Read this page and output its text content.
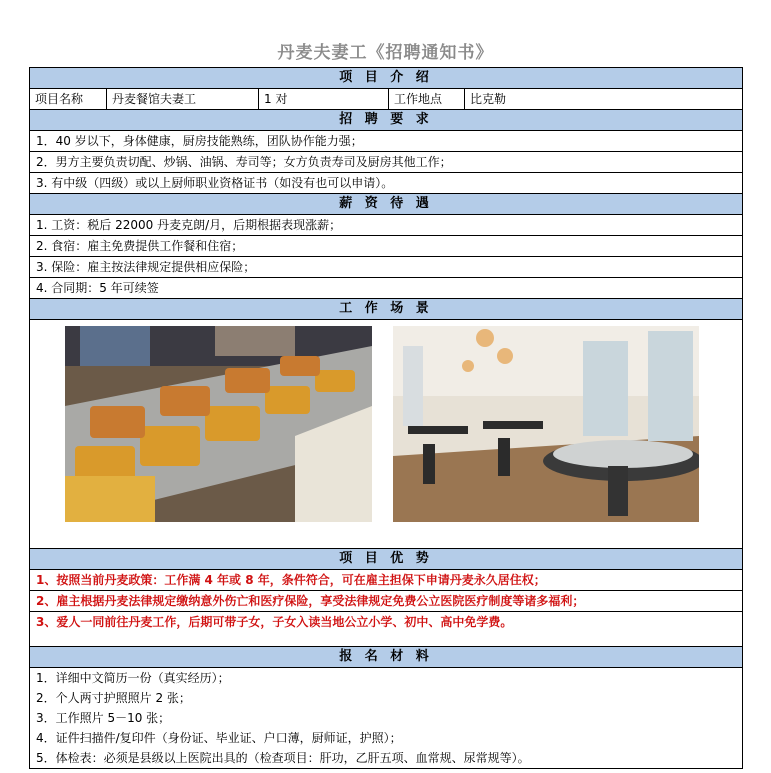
丹麦夫妻工《招聘通知书》
项 目 介 绍
项目名称	丹麦餐馆夫妻工	1 对	工作地点	比克勒
招 聘 要 求
1．40 岁以下，身体健康，厨房技能熟练，团队协作能力强；
2．男方主要负责切配、炒锅、油锅、寿司等；女方负责寿司及厨房其他工作；
3. 有中级（四级）或以上厨师职业资格证书（如没有也可以申请）。
薪 资 待 遇
1. 工资：税后 22000 丹麦克朗/月，后期根据表现涨薪；
2. 食宿：雇主免费提供工作餐和住宿；
3. 保险：雇主按法律规定提供相应保险；
4. 合同期：5 年可续签
工 作 场 景
项 目 优 势
1、按照当前丹麦政策：工作满 4 年或 8 年，条件符合，可在雇主担保下申请丹麦永久居住权；
2、雇主根据丹麦法律规定缴纳意外伤亡和医疗保险，享受法律规定免费公立医院医疗制度等诸多福利；
3、爱人一同前往丹麦工作，后期可带子女，子女入读当地公立小学、初中、高中免学费。
报 名 材 料
1．详细中文简历一份（真实经历）；
2．个人两寸护照照片 2 张；
3．工作照片 5－10 张；
4．证件扫描件/复印件（身份证、毕业证、户口薄，厨师证，护照）；
5．体检表：必须是县级以上医院出具的（检查项目：肝功，乙肝五项、血常规、尿常规等）。
